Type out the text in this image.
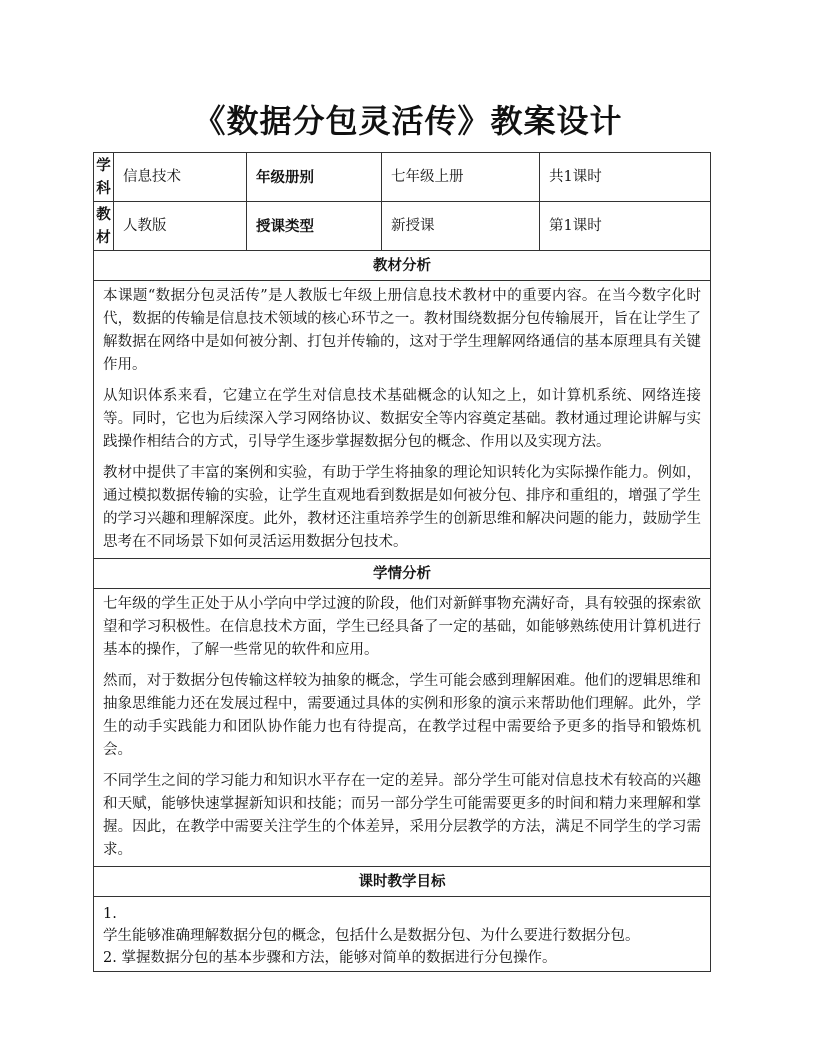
《数据分包灵活传》教案设计
学科	信息技术	年级册别	七年级上册	共1课时

教材	人教版	授课类型	新授课	第1课时
教材分析				

本课题“数据分包灵活传”是人教版七年级上册信息技术教材中的重要内容。在当今数字化时代，数据的传输是信息技术领域的核心环节之一。教材围绕数据分包传输展开，旨在让学生了解数据在网络中是如何被分割、打包并传输的，这对于学生理解网络通信的基本原理具有关键作用。

从知识体系来看，它建立在学生对信息技术基础概念的认知之上，如计算机系统、网络连接等。同时，它也为后续深入学习网络协议、数据安全等内容奠定基础。教材通过理论讲解与实践操作相结合的方式，引导学生逐步掌握数据分包的概念、作用以及实现方法。

教材中提供了丰富的案例和实验，有助于学生将抽象的理论知识转化为实际操作能力。例如，通过模拟数据传输的实验，让学生直观地看到数据是如何被分包、排序和重组的，增强了学生的学习兴趣和理解深度。此外，教材还注重培养学生的创新思维和解决问题的能力，鼓励学生思考在不同场景下如何灵活运用数据分包技术。				

学情分析				

七年级的学生正处于从小学向中学过渡的阶段，他们对新鲜事物充满好奇，具有较强的探索欲望和学习积极性。在信息技术方面，学生已经具备了一定的基础，如能够熟练使用计算机进行基本的操作，了解一些常见的软件和应用。

然而，对于数据分包传输这样较为抽象的概念，学生可能会感到理解困难。他们的逻辑思维和抽象思维能力还在发展过程中，需要通过具体的实例和形象的演示来帮助他们理解。此外，学生的动手实践能力和团队协作能力也有待提高，在教学过程中需要给予更多的指导和锻炼机会。

不同学生之间的学习能力和知识水平存在一定的差异。部分学生可能对信息技术有较高的兴趣和天赋，能够快速掌握新知识和技能；而另一部分学生可能需要更多的时间和精力来理解和掌握。因此，在教学中需要关注学生的个体差异，采用分层教学的方法，满足不同学生的学习需求。				

课时教学目标				

1.
学生能够准确理解数据分包的概念，包括什么是数据分包、为什么要进行数据分包。
2. 掌握数据分包的基本步骤和方法，能够对简单的数据进行分包操作。				
